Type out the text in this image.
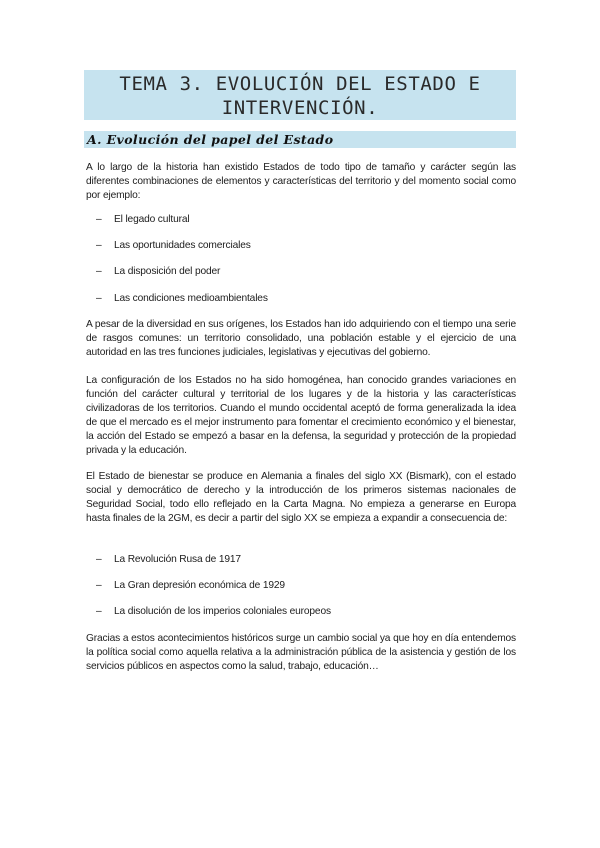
TEMA 3. EVOLUCIÓN DEL ESTADO E
INTERVENCIÓN.
A. Evolución del papel del Estado
A lo largo de la historia han existido Estados de todo tipo de tamaño y carácter según las diferentes combinaciones de elementos y características del territorio y del momento social como por ejemplo:
– El legado cultural
– Las oportunidades comerciales
– La disposición del poder
– Las condiciones medioambientales
A pesar de la diversidad en sus orígenes, los Estados han ido adquiriendo con el tiempo una serie de rasgos comunes: un territorio consolidado, una población estable y el ejercicio de una autoridad en las tres funciones judiciales, legislativas y ejecutivas del gobierno.
La configuración de los Estados no ha sido homogénea, han conocido grandes variaciones en función del carácter cultural y territorial de los lugares y de la historia y las características civilizadoras de los territorios. Cuando el mundo occidental aceptó de forma generalizada la idea de que el mercado es el mejor instrumento para fomentar el crecimiento económico y el bienestar, la acción del Estado se empezó a basar en la defensa, la seguridad y protección de la propiedad privada y la educación.
El Estado de bienestar se produce en Alemania a finales del siglo XX (Bismark), con el estado social y democrático de derecho y la introducción de los primeros sistemas nacionales de Seguridad Social, todo ello reflejado en la Carta Magna. No empieza a generarse en Europa hasta finales de la 2GM, es decir a partir del siglo XX se empieza a expandir a consecuencia de:
– La Revolución Rusa de 1917
– La Gran depresión económica de 1929
– La disolución de los imperios coloniales europeos
Gracias a estos acontecimientos históricos surge un cambio social ya que hoy en día entendemos la política social como aquella relativa a la administración pública de la asistencia y gestión de los servicios públicos en aspectos como la salud, trabajo, educación…
